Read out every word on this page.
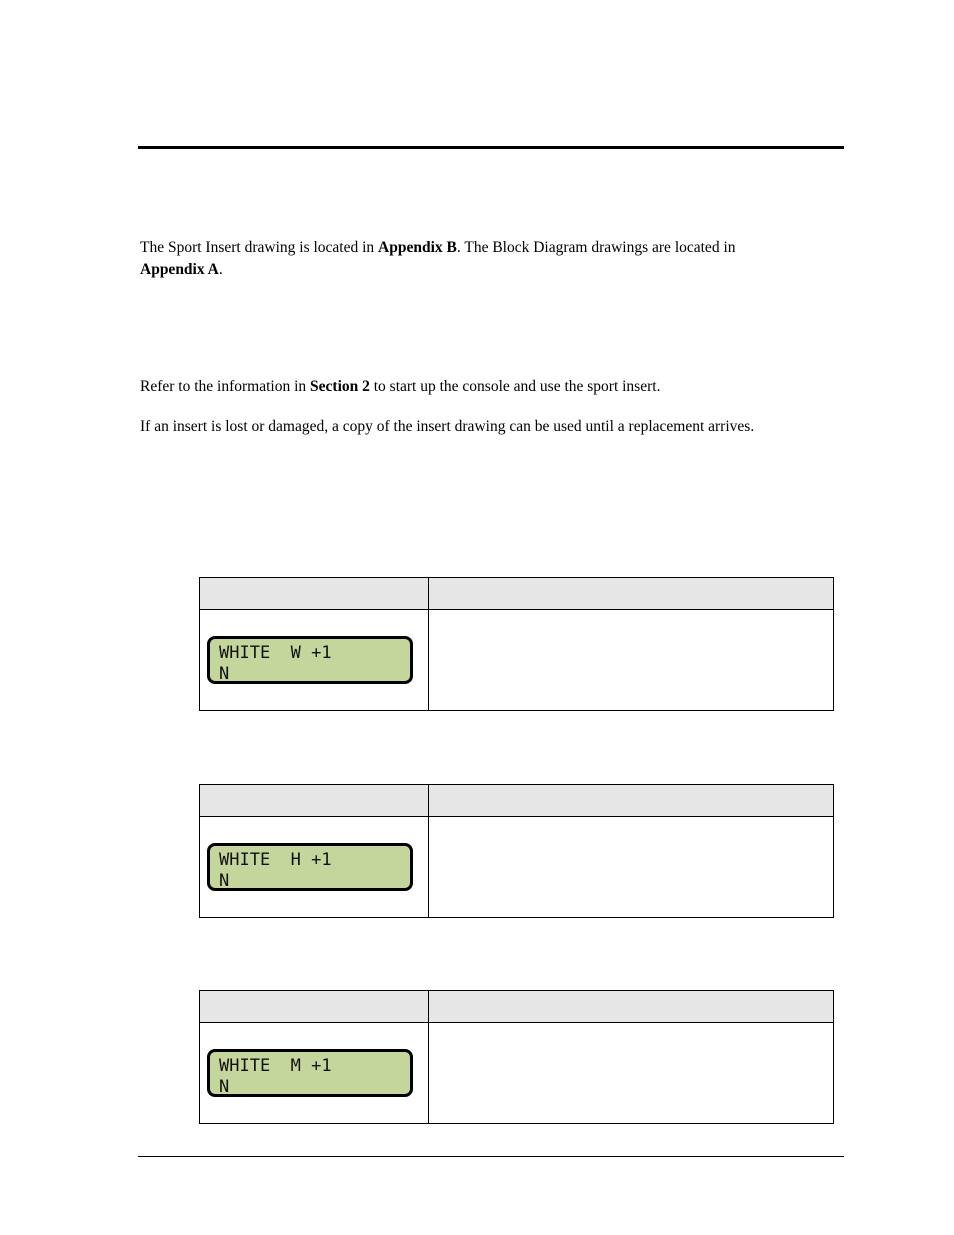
The Sport Insert drawing is located in Appendix B. The Block Diagram drawings are located in
Appendix A.

Refer to the information in Section 2 to start up the console and use the sport insert.

If an insert is lost or damaged, a copy of the insert drawing can be used until a replacement arrives.

WHITE  W +1
N	

WHITE  H +1
N	

WHITE  M +1
N	
